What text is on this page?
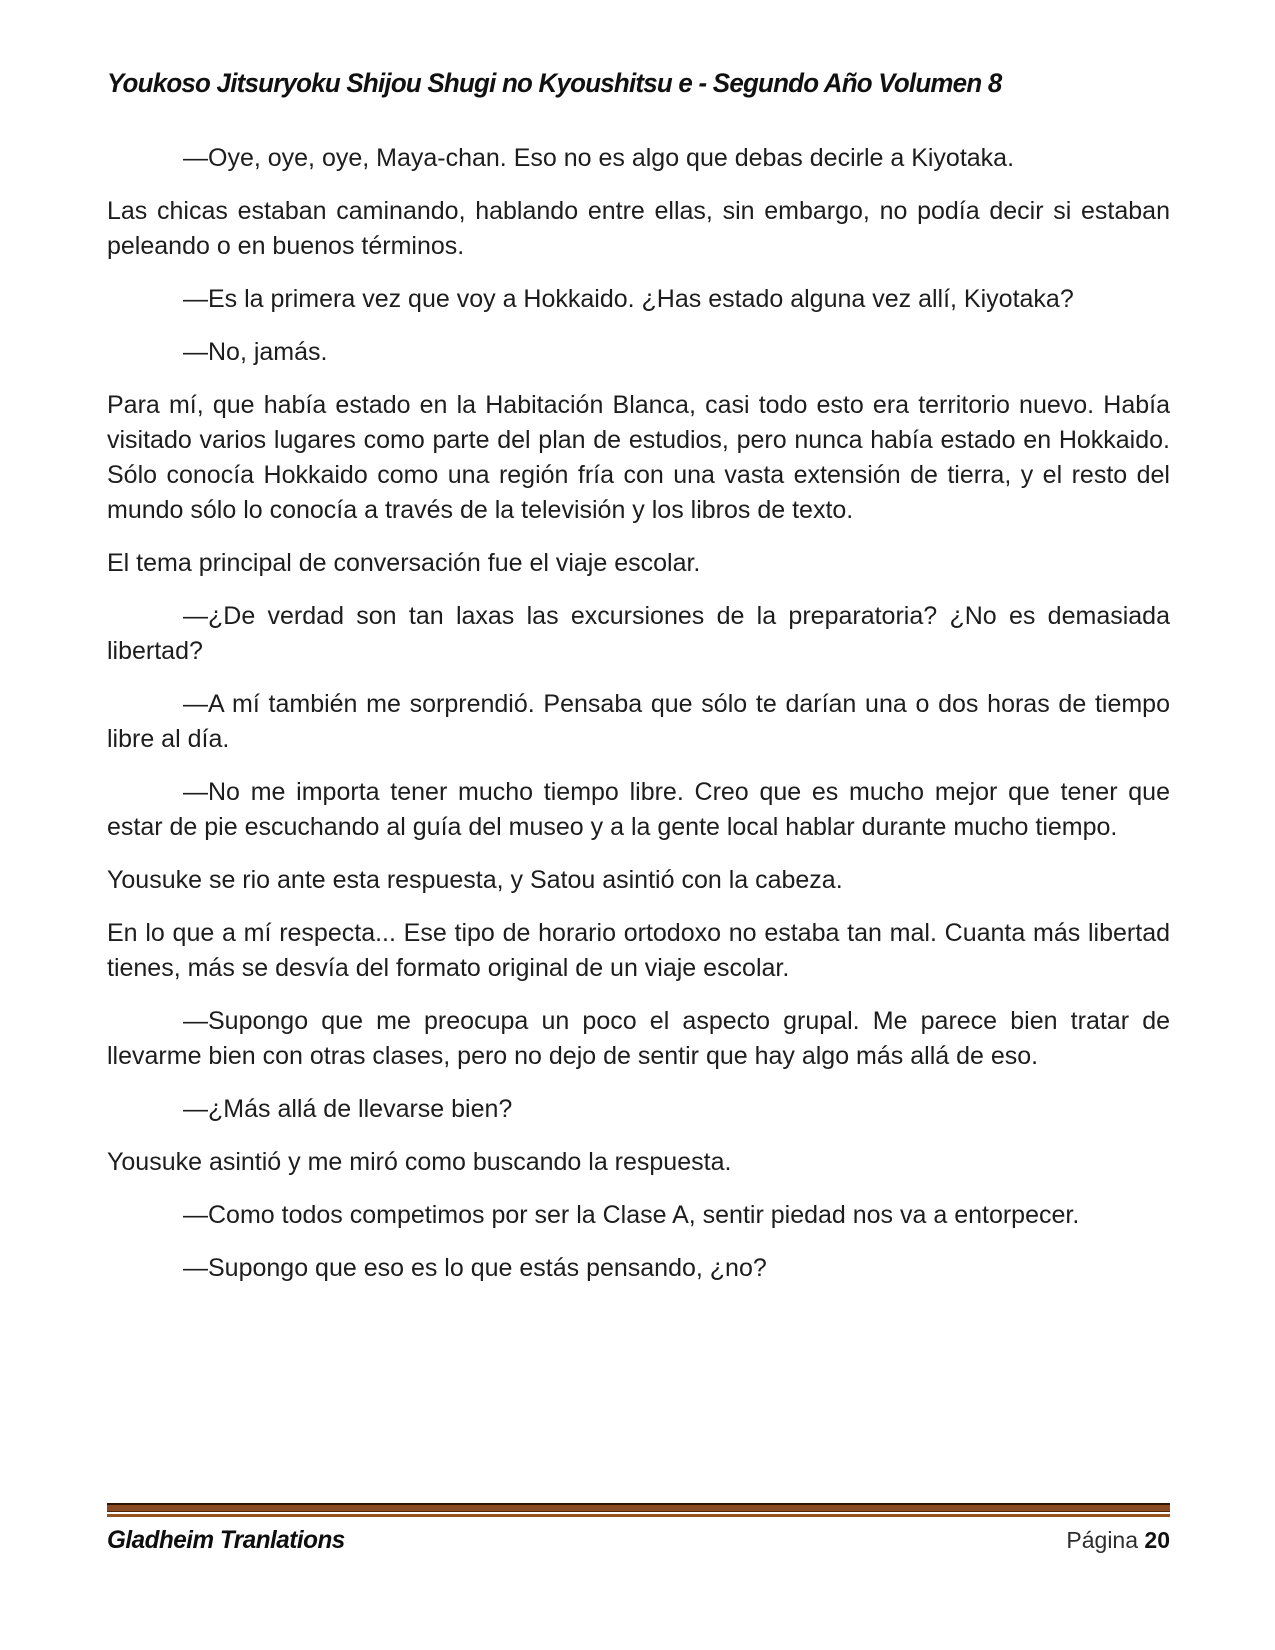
Youkoso Jitsuryoku Shijou Shugi no Kyoushitsu e - Segundo Año Volumen 8

—Oye, oye, oye, Maya-chan. Eso no es algo que debas decirle a Kiyotaka.

Las chicas estaban caminando, hablando entre ellas, sin embargo, no podía decir si estaban peleando o en buenos términos.

—Es la primera vez que voy a Hokkaido. ¿Has estado alguna vez allí, Kiyotaka?

—No, jamás.

Para mí, que había estado en la Habitación Blanca, casi todo esto era territorio nuevo. Había visitado varios lugares como parte del plan de estudios, pero nunca había estado en Hokkaido. Sólo conocía Hokkaido como una región fría con una vasta extensión de tierra, y el resto del mundo sólo lo conocía a través de la televisión y los libros de texto.

El tema principal de conversación fue el viaje escolar.

—¿De verdad son tan laxas las excursiones de la preparatoria? ¿No es demasiada libertad?

—A mí también me sorprendió. Pensaba que sólo te darían una o dos horas de tiempo libre al día.

—No me importa tener mucho tiempo libre. Creo que es mucho mejor que tener que estar de pie escuchando al guía del museo y a la gente local hablar durante mucho tiempo.

Yousuke se rio ante esta respuesta, y Satou asintió con la cabeza.

En lo que a mí respecta... Ese tipo de horario ortodoxo no estaba tan mal. Cuanta más libertad tienes, más se desvía del formato original de un viaje escolar.

—Supongo que me preocupa un poco el aspecto grupal. Me parece bien tratar de llevarme bien con otras clases, pero no dejo de sentir que hay algo más allá de eso.

—¿Más allá de llevarse bien?

Yousuke asintió y me miró como buscando la respuesta.

—Como todos competimos por ser la Clase A, sentir piedad nos va a entorpecer.

—Supongo que eso es lo que estás pensando, ¿no?

Gladheim Tranlations	Página 20
